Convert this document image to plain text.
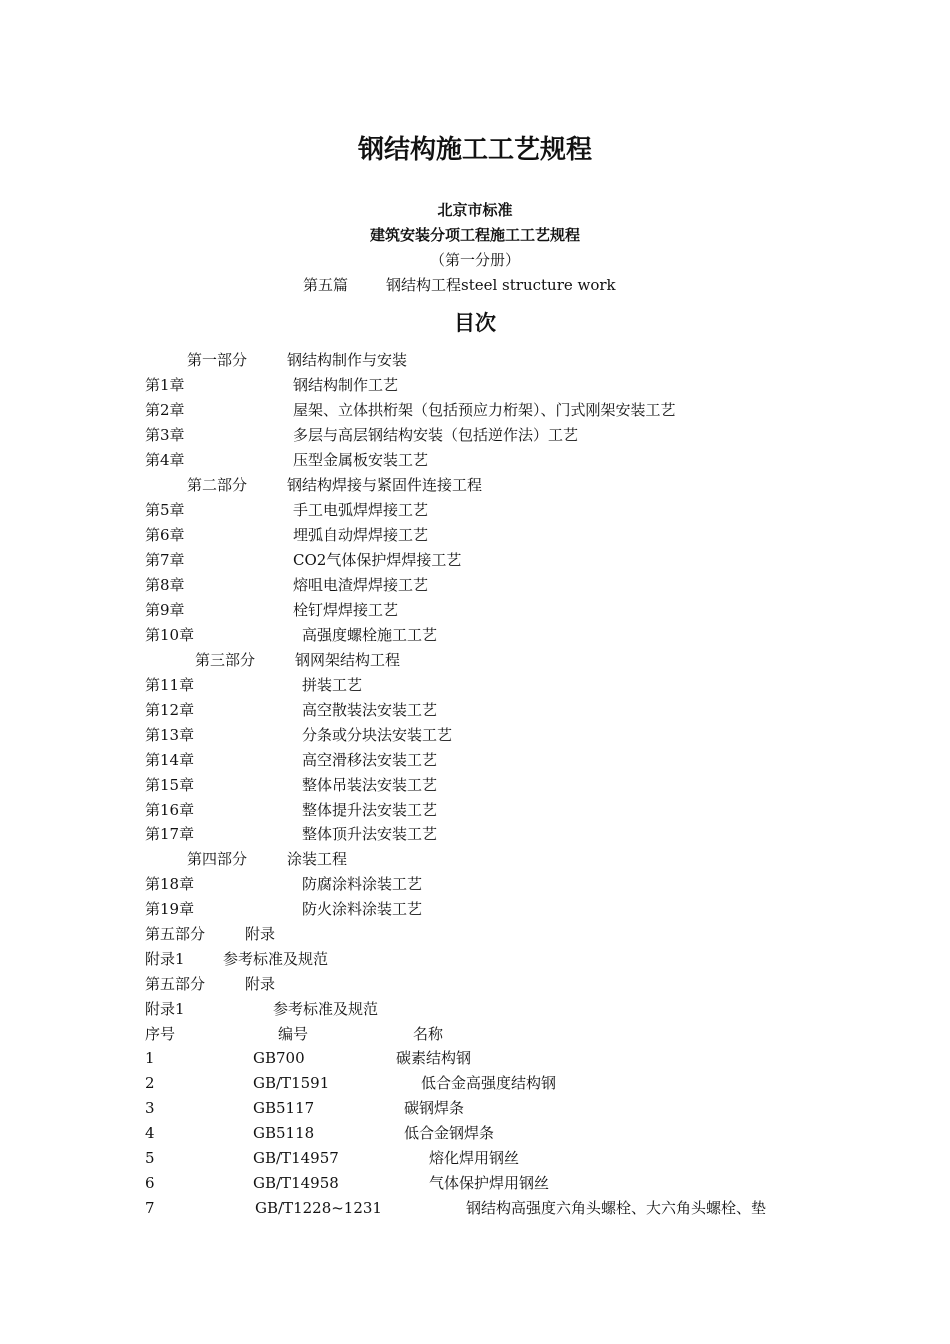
钢结构施工工艺规程
北京市标准
建筑安装分项工程施工工艺规程
（第一分册）
第五篇	钢结构工程steel structure work
目次
第一部分	钢结构制作与安装
第1章	钢结构制作工艺
第2章	屋架、立体拱桁架（包括预应力桁架）、门式刚架安装工艺
第3章	多层与高层钢结构安装（包括逆作法）工艺
第4章	压型金属板安装工艺
第二部分	钢结构焊接与紧固件连接工程
第5章	手工电弧焊焊接工艺
第6章	埋弧自动焊焊接工艺
第7章	CO2气体保护焊焊接工艺
第8章	熔咀电渣焊焊接工艺
第9章	栓钉焊焊接工艺
第10章	高强度螺栓施工工艺
第三部分	钢网架结构工程
第11章	拼装工艺
第12章	高空散装法安装工艺
第13章	分条或分块法安装工艺
第14章	高空滑移法安装工艺
第15章	整体吊装法安装工艺
第16章	整体提升法安装工艺
第17章	整体顶升法安装工艺
第四部分	涂装工程
第18章	防腐涂料涂装工艺
第19章	防火涂料涂装工艺
第五部分	附录
附录1	参考标准及规范
第五部分	附录
附录1	参考标准及规范
序号	编号	名称
1	GB700	碳素结构钢
2	GB/T1591	低合金高强度结构钢
3	GB5117	碳钢焊条
4	GB5118	低合金钢焊条
5	GB/T14957	熔化焊用钢丝
6	GB/T14958	气体保护焊用钢丝
7	GB/T1228~1231	钢结构高强度六角头螺栓、大六角头螺栓、垫
